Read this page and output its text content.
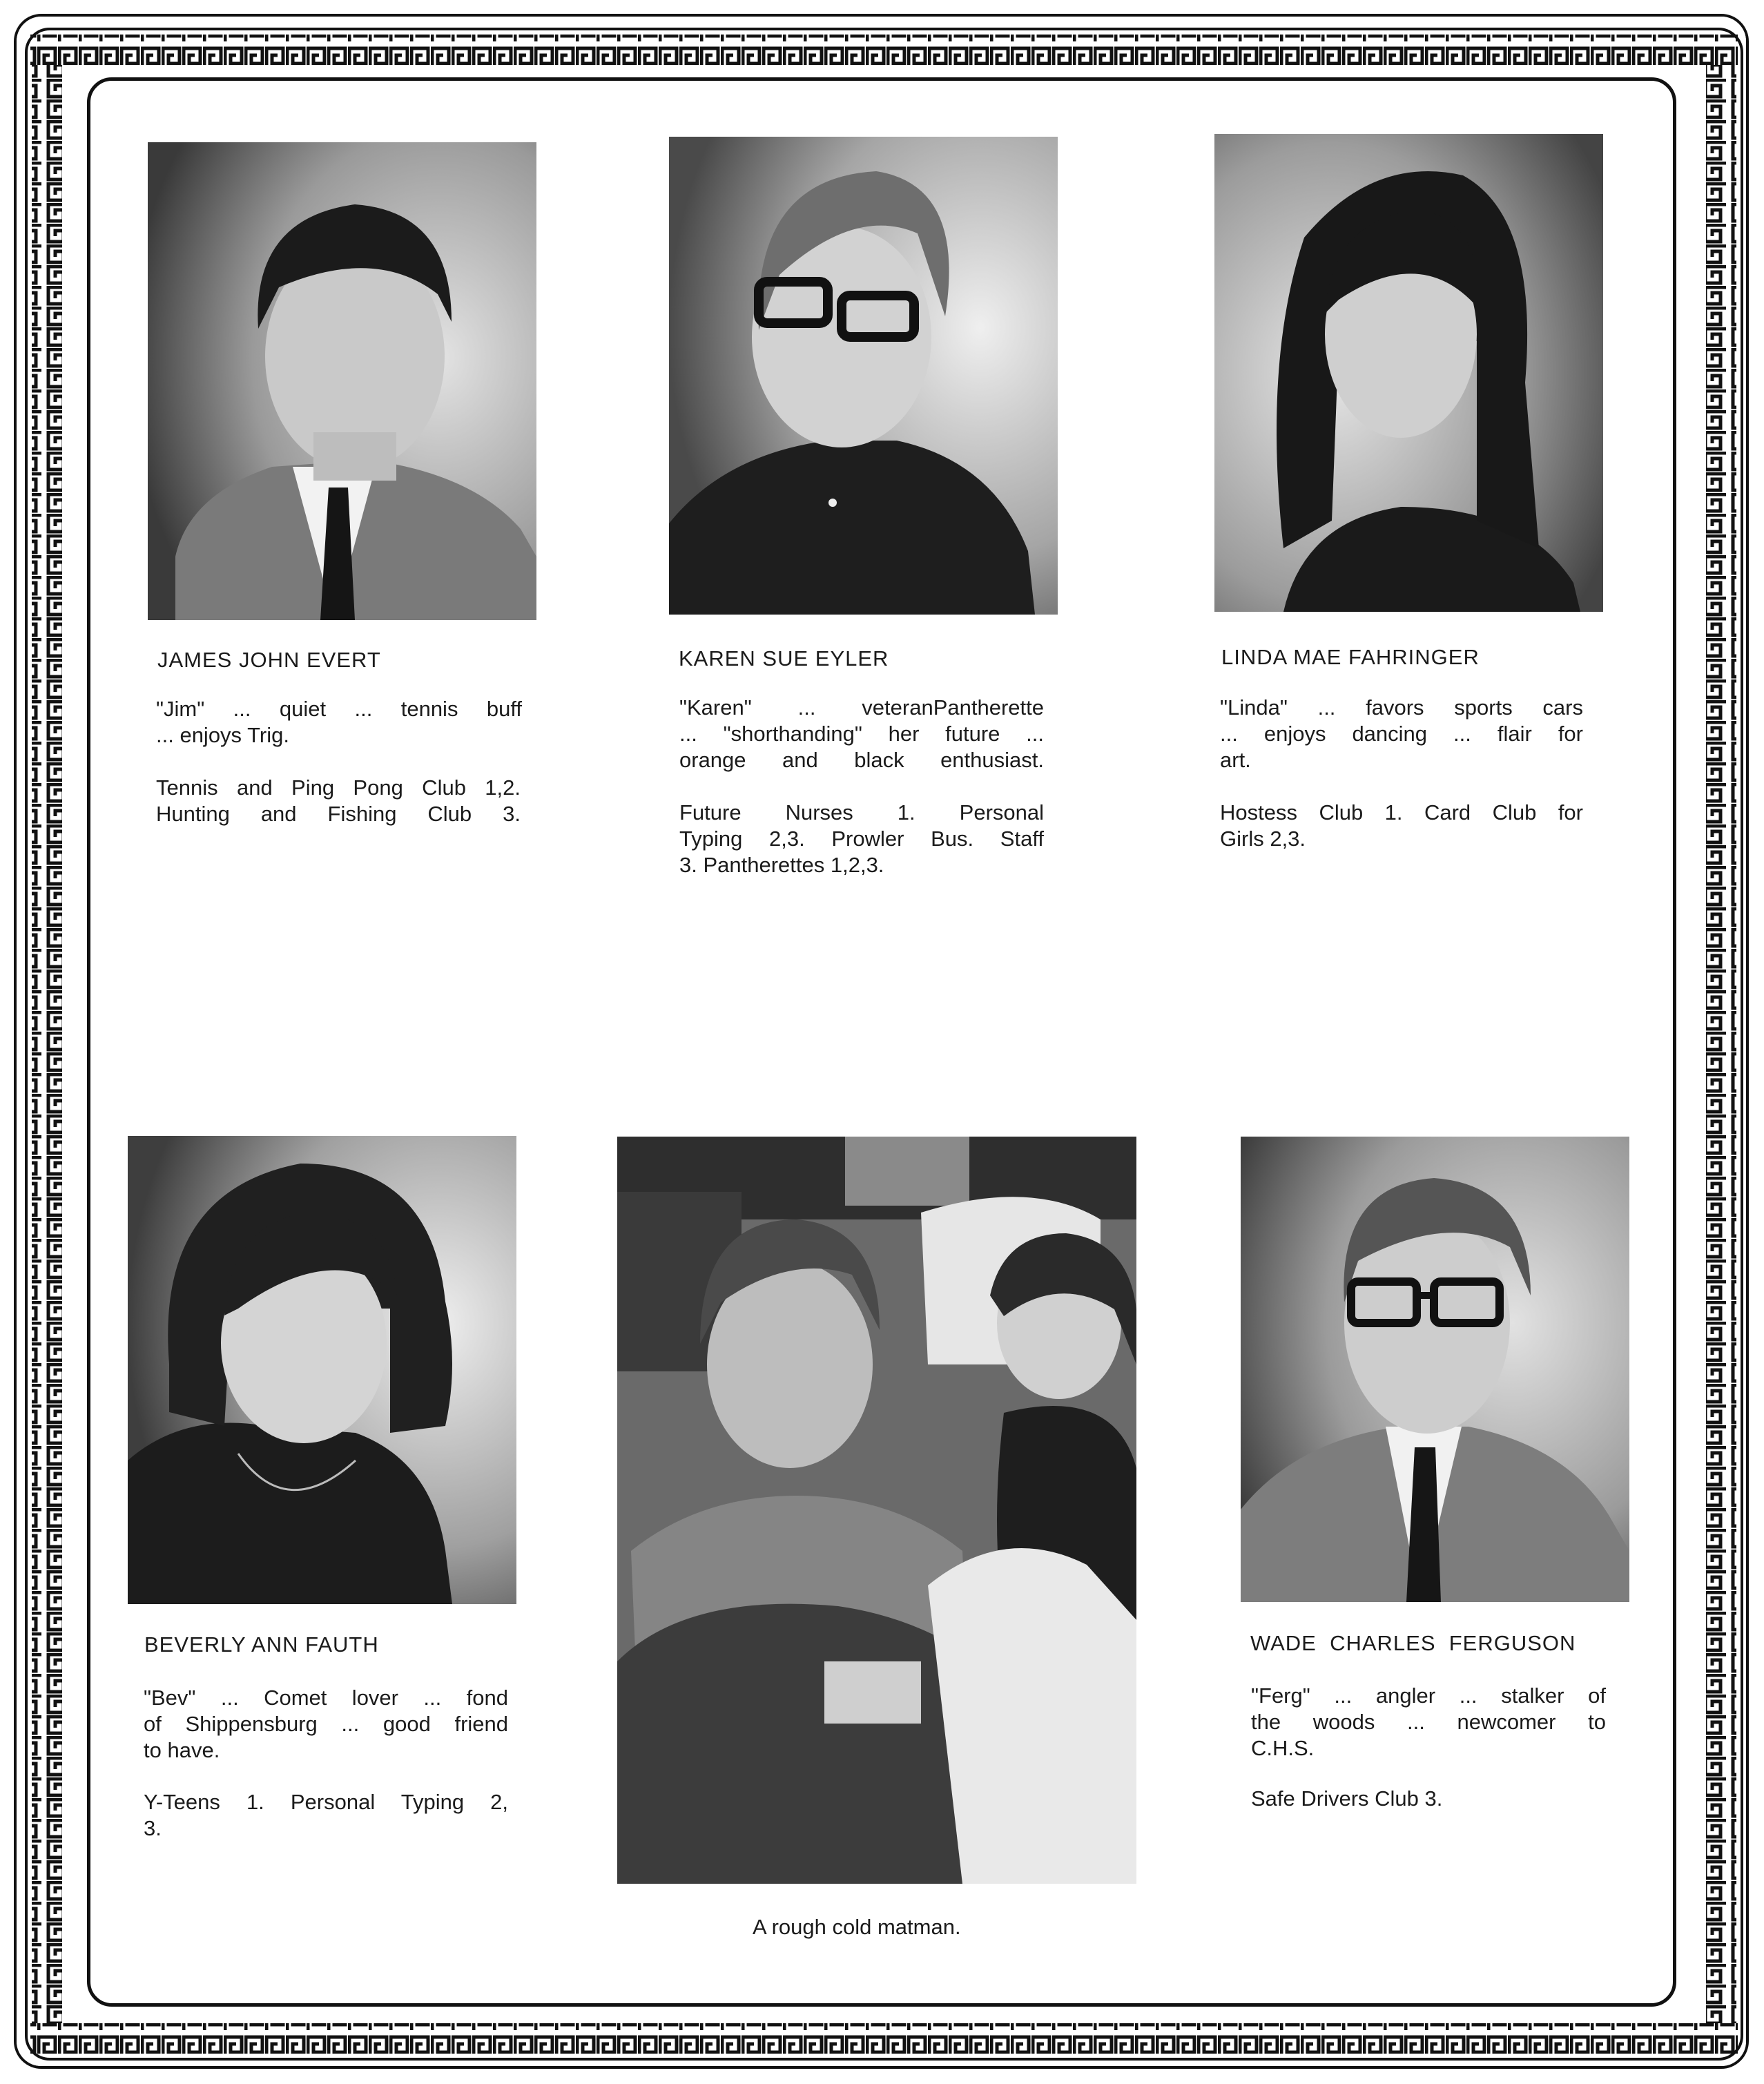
JAMES JOHN EVERT
"Jim" ... quiet ... tennis buff
... enjoys Trig.
Tennis and Ping Pong Club 1,2.
Hunting and Fishing Club 3.
KAREN SUE EYLER
"Karen" ... veteranPantherette
... "shorthanding" her future ...
orange and black enthusiast.
Future Nurses 1. Personal
Typing 2,3. Prowler Bus. Staff
3. Pantherettes 1,2,3.
LINDA MAE FAHRINGER
"Linda" ... favors sports cars
... enjoys dancing ... flair for
art.
Hostess Club 1. Card Club for
Girls 2,3.
A rough cold matman.
BEVERLY ANN FAUTH
"Bev" ... Comet lover ... fond
of Shippensburg ... good friend
to have.
Y-Teens 1. Personal Typing 2,
3.
WADE  CHARLES  FERGUSON
"Ferg" ... angler ... stalker of
the woods ... newcomer to
C.H.S.
Safe Drivers Club 3.
